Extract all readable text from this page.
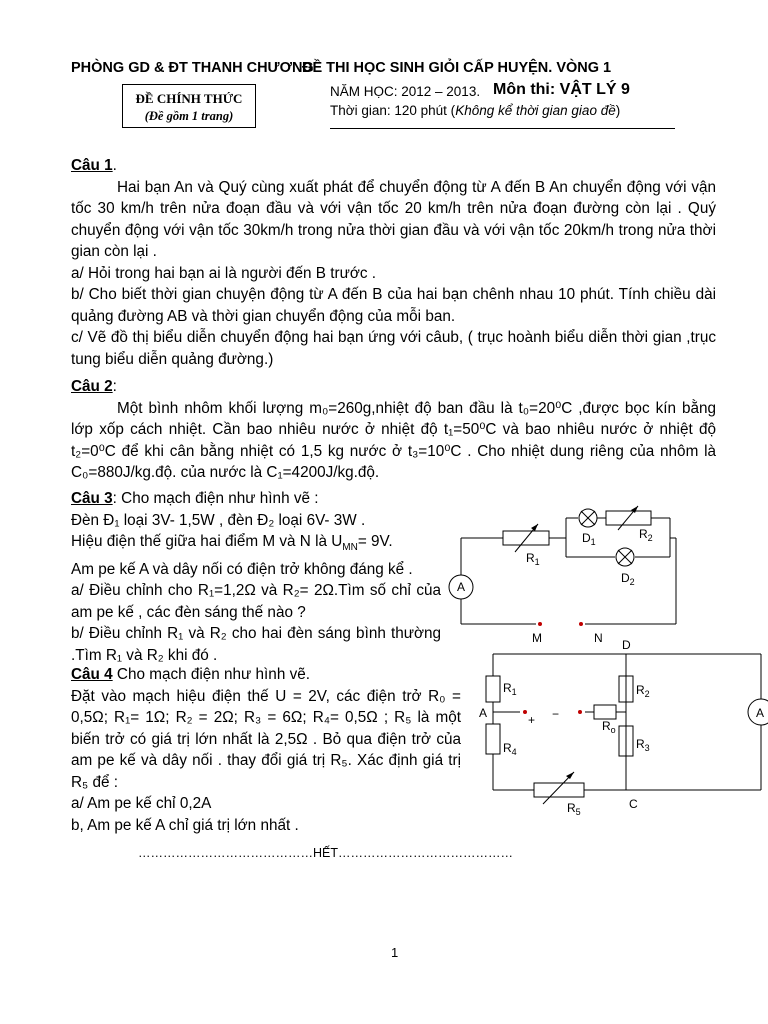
PHÒNG GD & ĐT THANH CHƯƠNG
ĐỀ THI HỌC SINH GIỎI CẤP HUYỆN. VÒNG 1
ĐỀ CHÍNH THỨC
(Đề gồm 1 trang)
NĂM HỌC: 2012 – 2013. Môn thi: VẬT LÝ 9
Thời gian: 120 phút (Không kể thời gian giao đề)
Câu 1.
Hai bạn An và Quý cùng xuất phát để chuyển động từ A đến B An chuyển động với vận tốc 30 km/h trên nửa đoạn đầu và với vận tốc 20 km/h trên nửa đoạn đường còn lại . Quý chuyển động với vận tốc 30km/h trong nửa thời gian đầu và với vận tốc 20km/h trong nửa thời gian còn lại .
a/ Hỏi trong hai bạn ai là người đến B trước .
b/ Cho biết thời gian chuyện động từ A đến B của hai bạn chênh nhau 10 phút. Tính chiều dài quảng đường AB và thời gian chuyển động của mỗi ban.
c/ Vẽ đồ thị biểu diễn chuyển động hai bạn ứng với câub, ( trục hoành biểu diễn thời gian ,trục tung biểu diễn quảng đường.)
Câu 2:
Một bình nhôm khối lượng m₀=260g,nhiệt độ ban đầu là t₀=20⁰C ,được bọc kín bằng lớp xốp cách nhiệt. Cần bao nhiêu nước ở nhiệt độ t₁=50⁰C và bao nhiêu nước ở nhiệt độ t₂=0⁰C để khi cân bằng nhiệt có 1,5 kg nước ở t₃=10⁰C . Cho nhiệt dung riêng của nhôm là C₀=880J/kg.độ. của nước là C₁=4200J/kg.độ.
Câu 3: Cho mạch điện như hình vẽ :
Đèn Đ₁ loại 3V- 1,5W , đèn Đ₂ loại 6V- 3W .
Hiệu điện thế giữa hai điểm M và N là $U_{MN}= 9V$.
Am pe kế A và dây nối có điện trở không đáng kể .
a/ Điều chỉnh cho R₁=1,2Ω và R₂= 2Ω.Tìm số chỉ của am pe kế , các đèn sáng thế nào ?
b/ Điều chỉnh R₁ và R₂ cho hai đèn sáng bình thường .Tìm R₁ và R₂ khi đó .
Câu 4 Cho mạch điện như hình vẽ.
Đặt vào mạch hiệu điện thế U = 2V, các điện trở R₀ = 0,5Ω; R₁= 1Ω; R₂ = 2Ω; R₃ = 6Ω; R₄= 0,5Ω ; R₅ là một biến trở có giá trị lớn nhất là 2,5Ω . Bỏ qua điện trở của am pe kế và dây nối . thay đổi giá trị R₅. Xác định giá trị R₅ để :
a/ Am pe kế chỉ 0,2A
b, Am pe kế A chỉ giá trị lớn nhất .
……………………………………HẾT……………………………………
1
$R_1$
$D_1$
$R_2$
$D_2$
A
M	N D
$R_1$	$R_2$
A	+ −
$R_o$
$R_3$
$R_4$
A
$R_5$
C
